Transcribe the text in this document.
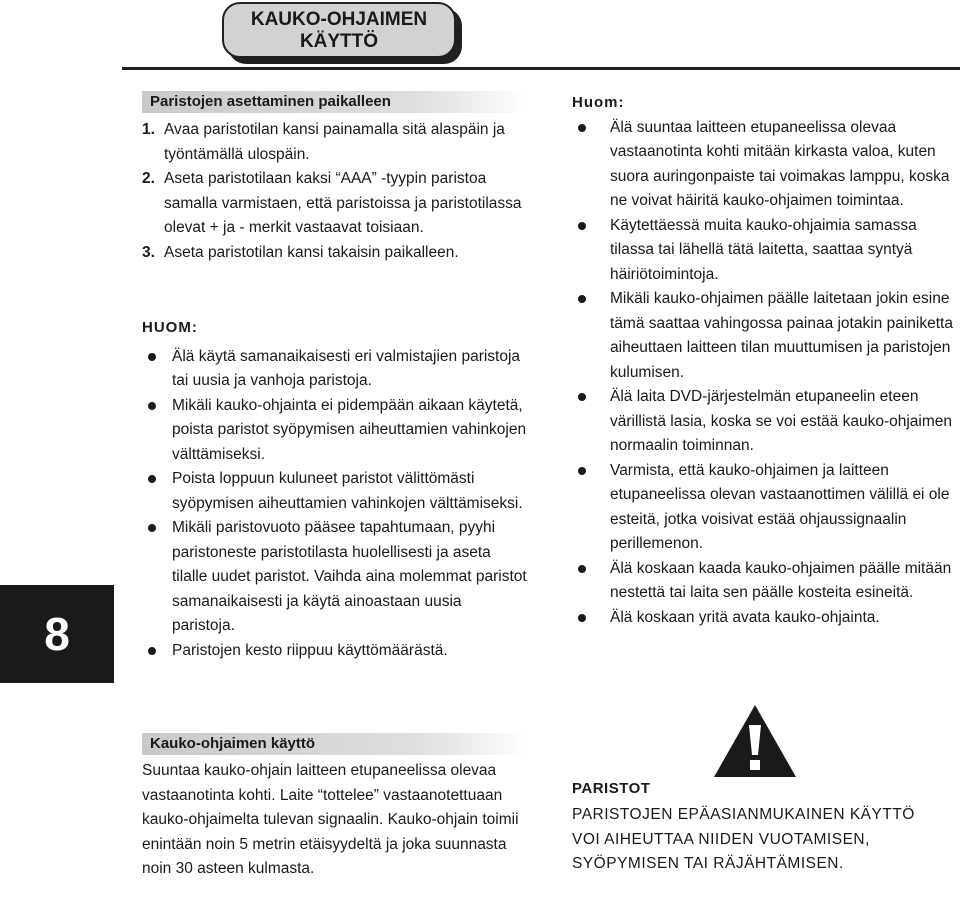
KAUKO-OHJAIMEN
KÄYTTÖ
8
Paristojen asettaminen paikalleen
1. Avaa paristotilan kansi painamalla sitä alaspäin ja työntämällä ulospäin.
2. Aseta paristotilaan kaksi “AAA” -tyypin paristoa samalla varmistaen, että paristoissa ja paristotilassa olevat + ja - merkit vastaavat toisiaan.
3. Aseta paristotilan kansi takaisin paikalleen.

HUOM:

Älä käytä samanaikaisesti eri valmistajien paristoja tai uusia ja vanhoja paristoja.
Mikäli kauko-ohjainta ei pidempään aikaan käytetä, poista paristot syöpymisen aiheuttamien vahinkojen välttämiseksi.
Poista loppuun kuluneet paristot välittömästi syöpymisen aiheuttamien vahinkojen välttämiseksi.
Mikäli paristovuoto pääsee tapahtumaan, pyyhi paristoneste paristotilasta huolellisesti ja aseta tilalle uudet paristot. Vaihda aina molemmat paristot samanaikaisesti ja käytä ainoastaan uusia paristoja.
Paristojen kesto riippuu käyttömäärästä.

Huom:

Älä suuntaa laitteen etupaneelissa olevaa vastaanotinta kohti mitään kirkasta valoa, kuten suora auringonpaiste tai voimakas lamppu, koska ne voivat häiritä kauko-ohjaimen toimintaa.
Käytettäessä muita kauko-ohjaimia samassa tilassa tai lähellä tätä laitetta, saattaa syntyä häiriötoimintoja.
Mikäli kauko-ohjaimen päälle laitetaan jokin esine tämä saattaa vahingossa painaa jotakin painiketta aiheuttaen laitteen tilan muuttumisen ja paristojen kulumisen.
Älä laita DVD-järjestelmän etupaneelin eteen värillistä lasia, koska se voi estää kauko-ohjaimen normaalin toiminnan.
Varmista, että kauko-ohjaimen ja laitteen etupaneelissa olevan vastaanottimen välillä ei ole esteitä, jotka voisivat estää ohjaussignaalin perillemenon.
Älä koskaan kaada kauko-ohjaimen päälle mitään nestettä tai laita sen päälle kosteita esineitä.
Älä koskaan yritä avata kauko-ohjainta.
Kauko-ohjaimen käyttö

Suuntaa kauko-ohjain laitteen etupaneelissa olevaa vastaanotinta kohti. Laite “tottelee” vastaanotettuaan kauko-ohjaimelta tulevan signaalin. Kauko-ohjain toimii enintään noin 5 metrin etäisyydeltä ja joka suunnasta noin 30 asteen kulmasta.

PARISTOT
PARISTOJEN EPÄASIANMUKAINEN KÄYTTÖ
VOI AIHEUTTAA NIIDEN VUOTAMISEN,
SYÖPYMISEN TAI RÄJÄHTÄMISEN.
